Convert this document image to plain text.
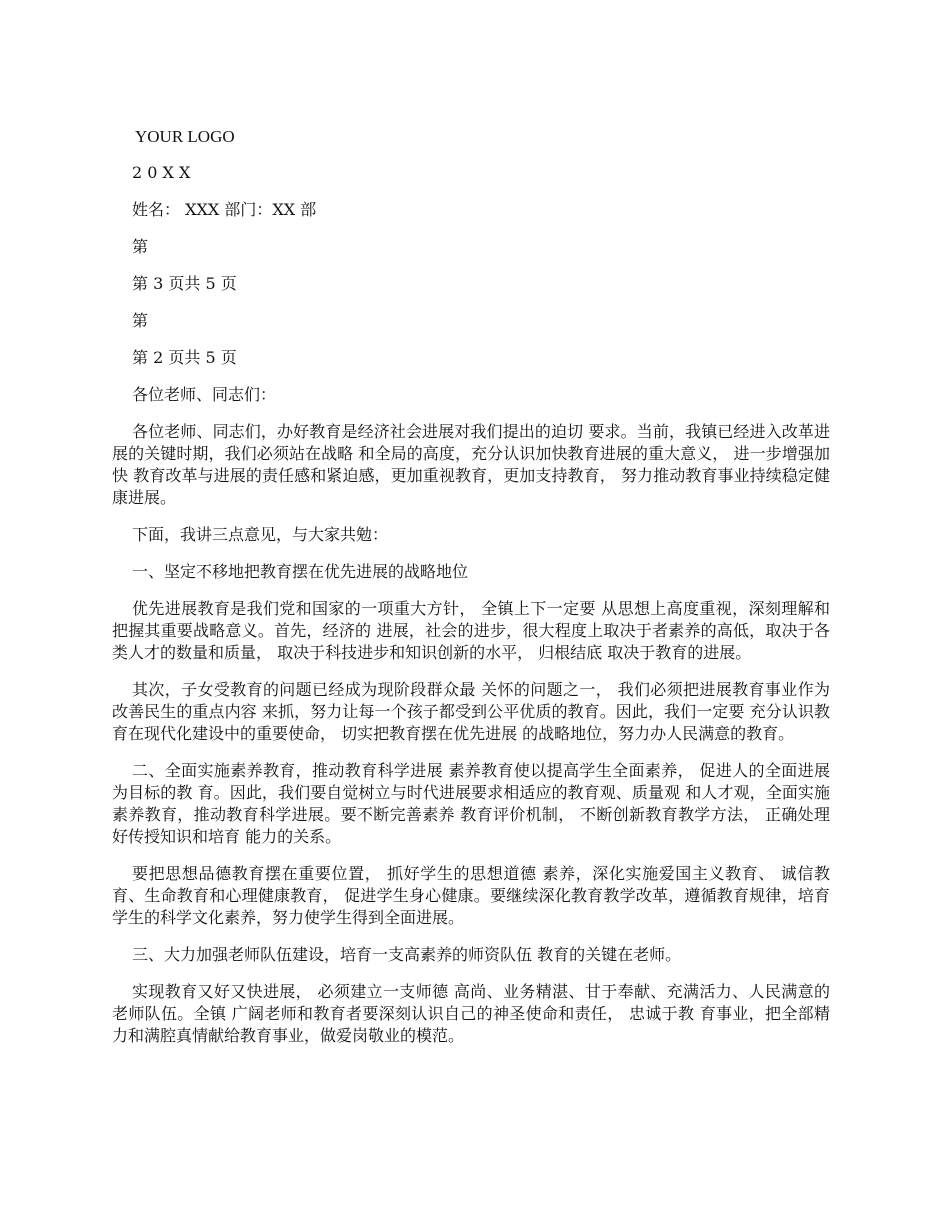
YOUR LOGO
2 0 X X
姓名： XXX 部门：XX 部
第
第 3 页共 5 页
第
第 2 页共 5 页
各位老师、同志们：

各位老师、同志们，办好教育是经济社会进展对我们提出的迫切 要求。当前，我镇已经进入改革进展的关键时期，我们必须站在战略 和全局的高度，充分认识加快教育进展的重大意义， 进一步增强加快 教育改革与进展的责任感和紧迫感，更加重视教育，更加支持教育， 努力推动教育事业持续稳定健康进展。

下面，我讲三点意见，与大家共勉：

一、坚定不移地把教育摆在优先进展的战略地位

优先进展教育是我们党和国家的一项重大方针， 全镇上下一定要 从思想上高度重视，深刻理解和把握其重要战略意义。首先，经济的 进展，社会的进步，很大程度上取决于者素养的高低，取决于各 类人才的数量和质量， 取决于科技进步和知识创新的水平， 归根结底 取决于教育的进展。

其次，子女受教育的问题已经成为现阶段群众最 关怀的问题之一， 我们必须把进展教育事业作为改善民生的重点内容 来抓，努力让每一个孩子都受到公平优质的教育。因此，我们一定要 充分认识教育在现代化建设中的重要使命， 切实把教育摆在优先进展 的战略地位，努力办人民满意的教育。

二、全面实施素养教育，推动教育科学进展 素养教育使以提高学生全面素养， 促进人的全面进展为目标的教 育。因此，我们要自觉树立与时代进展要求相适应的教育观、质量观 和人才观，全面实施素养教育，推动教育科学进展。要不断完善素养 教育评价机制， 不断创新教育教学方法， 正确处理好传授知识和培育 能力的关系。

要把思想品德教育摆在重要位置， 抓好学生的思想道德 素养，深化实施爱国主义教育、 诚信教育、生命教育和心理健康教育， 促进学生身心健康。要继续深化教育教学改革，遵循教育规律，培育 学生的科学文化素养，努力使学生得到全面进展。

三、大力加强老师队伍建设，培育一支高素养的师资队伍 教育的关键在老师。

实现教育又好又快进展， 必须建立一支师德 高尚、业务精湛、甘于奉献、充满活力、人民满意的老师队伍。全镇 广阔老师和教育者要深刻认识自己的神圣使命和责任， 忠诚于教 育事业，把全部精力和满腔真情献给教育事业，做爱岗敬业的模范。
